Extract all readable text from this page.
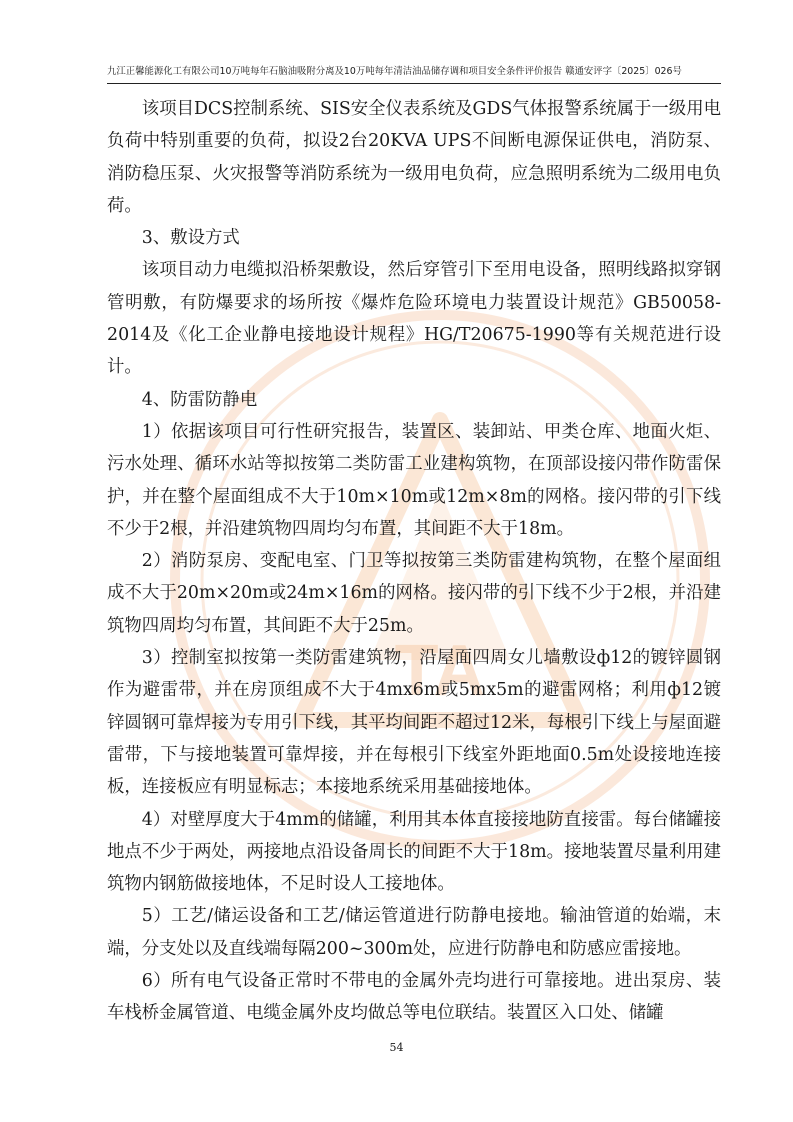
TA
九江正馨能源化工有限公司10万吨每年石脑油吸附分离及10万吨每年清洁油品储存调和项目安全条件评价报告 赣通安评字〔2025〕026号

该项目DCS控制系统、SIS安全仪表系统及GDS气体报警系统属于一级用电负荷中特别重要的负荷，拟设2台20KVA UPS不间断电源保证供电，消防泵、消防稳压泵、火灾报警等消防系统为一级用电负荷，应急照明系统为二级用电负荷。

3、敷设方式

该项目动力电缆拟沿桥架敷设，然后穿管引下至用电设备，照明线路拟穿钢管明敷，有防爆要求的场所按《爆炸危险环境电力装置设计规范》GB50058-2014及《化工企业静电接地设计规程》HG/T20675-1990等有关规范进行设计。

4、防雷防静电

1）依据该项目可行性研究报告，装置区、装卸站、甲类仓库、地面火炬、污水处理、循环水站等拟按第二类防雷工业建构筑物，在顶部设接闪带作防雷保护，并在整个屋面组成不大于10m×10m或12m×8m的网格。接闪带的引下线不少于2根，并沿建筑物四周均匀布置，其间距不大于18m。

2）消防泵房、变配电室、门卫等拟按第三类防雷建构筑物，在整个屋面组成不大于20m×20m或24m×16m的网格。接闪带的引下线不少于2根，并沿建筑物四周均匀布置，其间距不大于25m。

3）控制室拟按第一类防雷建筑物，沿屋面四周女儿墙敷设ф12的镀锌圆钢作为避雷带，并在房顶组成不大于4mx6m或5mx5m的避雷网格；利用ф12镀锌圆钢可靠焊接为专用引下线，其平均间距不超过12米，每根引下线上与屋面避雷带，下与接地装置可靠焊接，并在每根引下线室外距地面0.5m处设接地连接板，连接板应有明显标志；本接地系统采用基础接地体。

4）对壁厚度大于4mm的储罐，利用其本体直接接地防直接雷。每台储罐接地点不少于两处，两接地点沿设备周长的间距不大于18m。接地装置尽量利用建筑物内钢筋做接地体，不足时设人工接地体。

5）工艺/储运设备和工艺/储运管道进行防静电接地。输油管道的始端，末端，分支处以及直线端每隔200~300m处，应进行防静电和防感应雷接地。

6）所有电气设备正常时不带电的金属外壳均进行可靠接地。进出泵房、装车栈桥金属管道、电缆金属外皮均做总等电位联结。装置区入口处、储罐

54
